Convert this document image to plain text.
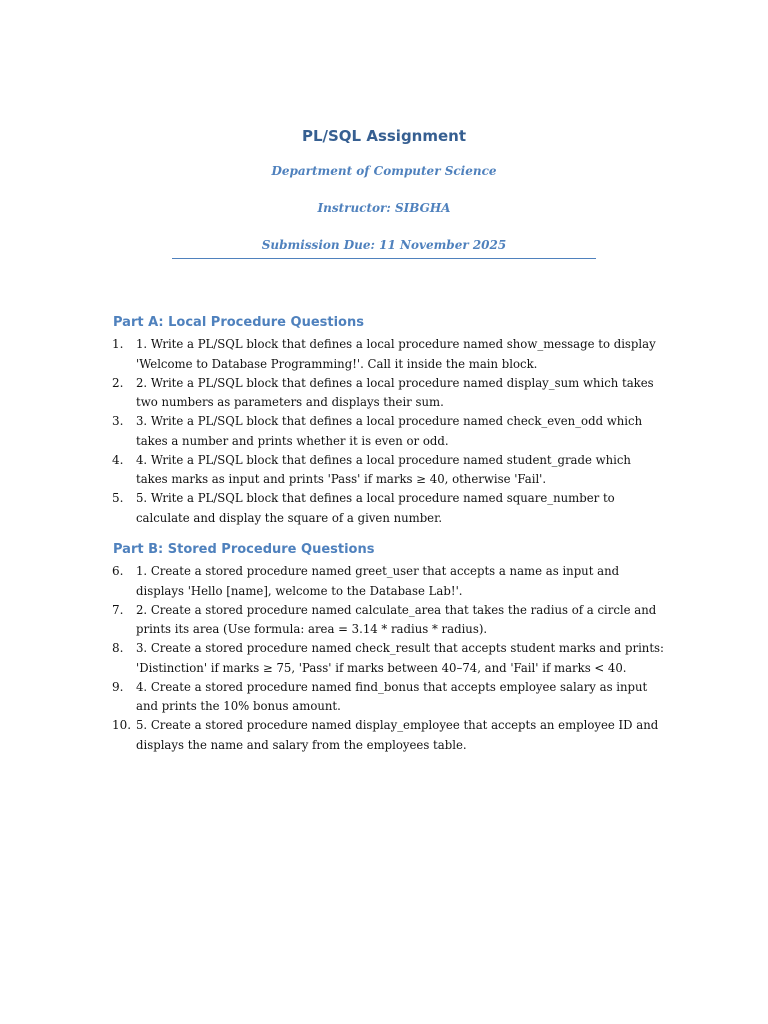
PL/SQL Assignment

Department of Computer Science

Instructor: SIBGHA

Submission Due: 11 November 2025

Part A: Local Procedure Questions
1.	1. Write a PL/SQL block that defines a local procedure named show_message to display
'Welcome to Database Programming!'. Call it inside the main block.
2.	2. Write a PL/SQL block that defines a local procedure named display_sum which takes
two numbers as parameters and displays their sum.
3.	3. Write a PL/SQL block that defines a local procedure named check_even_odd which
takes a number and prints whether it is even or odd.
4.	4. Write a PL/SQL block that defines a local procedure named student_grade which
takes marks as input and prints 'Pass' if marks ≥ 40, otherwise 'Fail'.
5.	5. Write a PL/SQL block that defines a local procedure named square_number to
calculate and display the square of a given number.
Part B: Stored Procedure Questions
6.	1. Create a stored procedure named greet_user that accepts a name as input and
displays 'Hello [name], welcome to the Database Lab!'.
7.	2. Create a stored procedure named calculate_area that takes the radius of a circle and
prints its area (Use formula: area = 3.14 * radius * radius).
8.	3. Create a stored procedure named check_result that accepts student marks and prints:
'Distinction' if marks ≥ 75, 'Pass' if marks between 40–74, and 'Fail' if marks < 40.
9.	4. Create a stored procedure named find_bonus that accepts employee salary as input
and prints the 10% bonus amount.
10. 5. Create a stored procedure named display_employee that accepts an employee ID and
displays the name and salary from the employees table.
